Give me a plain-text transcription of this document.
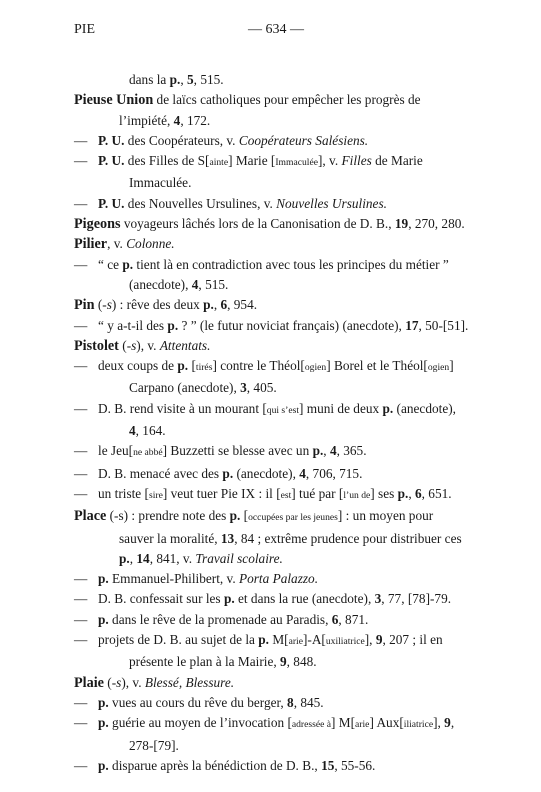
PIE	— 634 —

dans la p., 5, 515.

Pieuse Union de laïcs catholiques pour empêcher les progrès de l’impiété, 4, 172.

— P. U. des Coopérateurs, v. Coopérateurs Salésiens.

— P. U. des Filles de S[ainte] Marie [Immaculée], v. Filles de Marie Immaculée.

— P. U. des Nouvelles Ursulines, v. Nouvelles Ursulines.

Pigeons voyageurs lâchés lors de la Canonisation de D. B., 19, 270, 280.

Pilier, v. Colonne.

— “ ce p. tient là en contradiction avec tous les principes du métier ” (anecdote), 4, 515.

Pin (-s) : rêve des deux p., 6, 954.

— “ y a-t-il des p. ? ” (le futur noviciat français) (anecdote), 17, 50-[51].

Pistolet (-s), v. Attentats.

— deux coups de p. [tirés] contre le Théol[ogien] Borel et le Théol[ogien] Carpano (anecdote), 3, 405.

— D. B. rend visite à un mourant [qui s’est] muni de deux p. (anecdote), 4, 164.

— le Jeu[ne abbé] Buzzetti se blesse avec un p., 4, 365.

— D. B. menacé avec des p. (anecdote), 4, 706, 715.

— un triste [sire] veut tuer Pie IX : il [est] tué par [l’un de] ses p., 6, 651.

Place (-s) : prendre note des p. [occupées par les jeunes] : un moyen pour sauver la moralité, 13, 84 ; extrême prudence pour distribuer ces p., 14, 841, v. Travail scolaire.

— p. Emmanuel-Philibert, v. Porta Palazzo.

— D. B. confessait sur les p. et dans la rue (anecdote), 3, 77, [78]-79.

— p. dans le rêve de la promenade au Paradis, 6, 871.

— projets de D. B. au sujet de la p. M[arie]-A[uxiliatrice], 9, 207 ; il en présente le plan à la Mairie, 9, 848.

Plaie (-s), v. Blessé, Blessure.

— p. vues au cours du rêve du berger, 8, 845.

— p. guérie au moyen de l’invocation [adressée à] M[arie] Aux[iliatrice], 9, 278-[79].

— p. disparue après la bénédiction de D. B., 15, 55-56.
